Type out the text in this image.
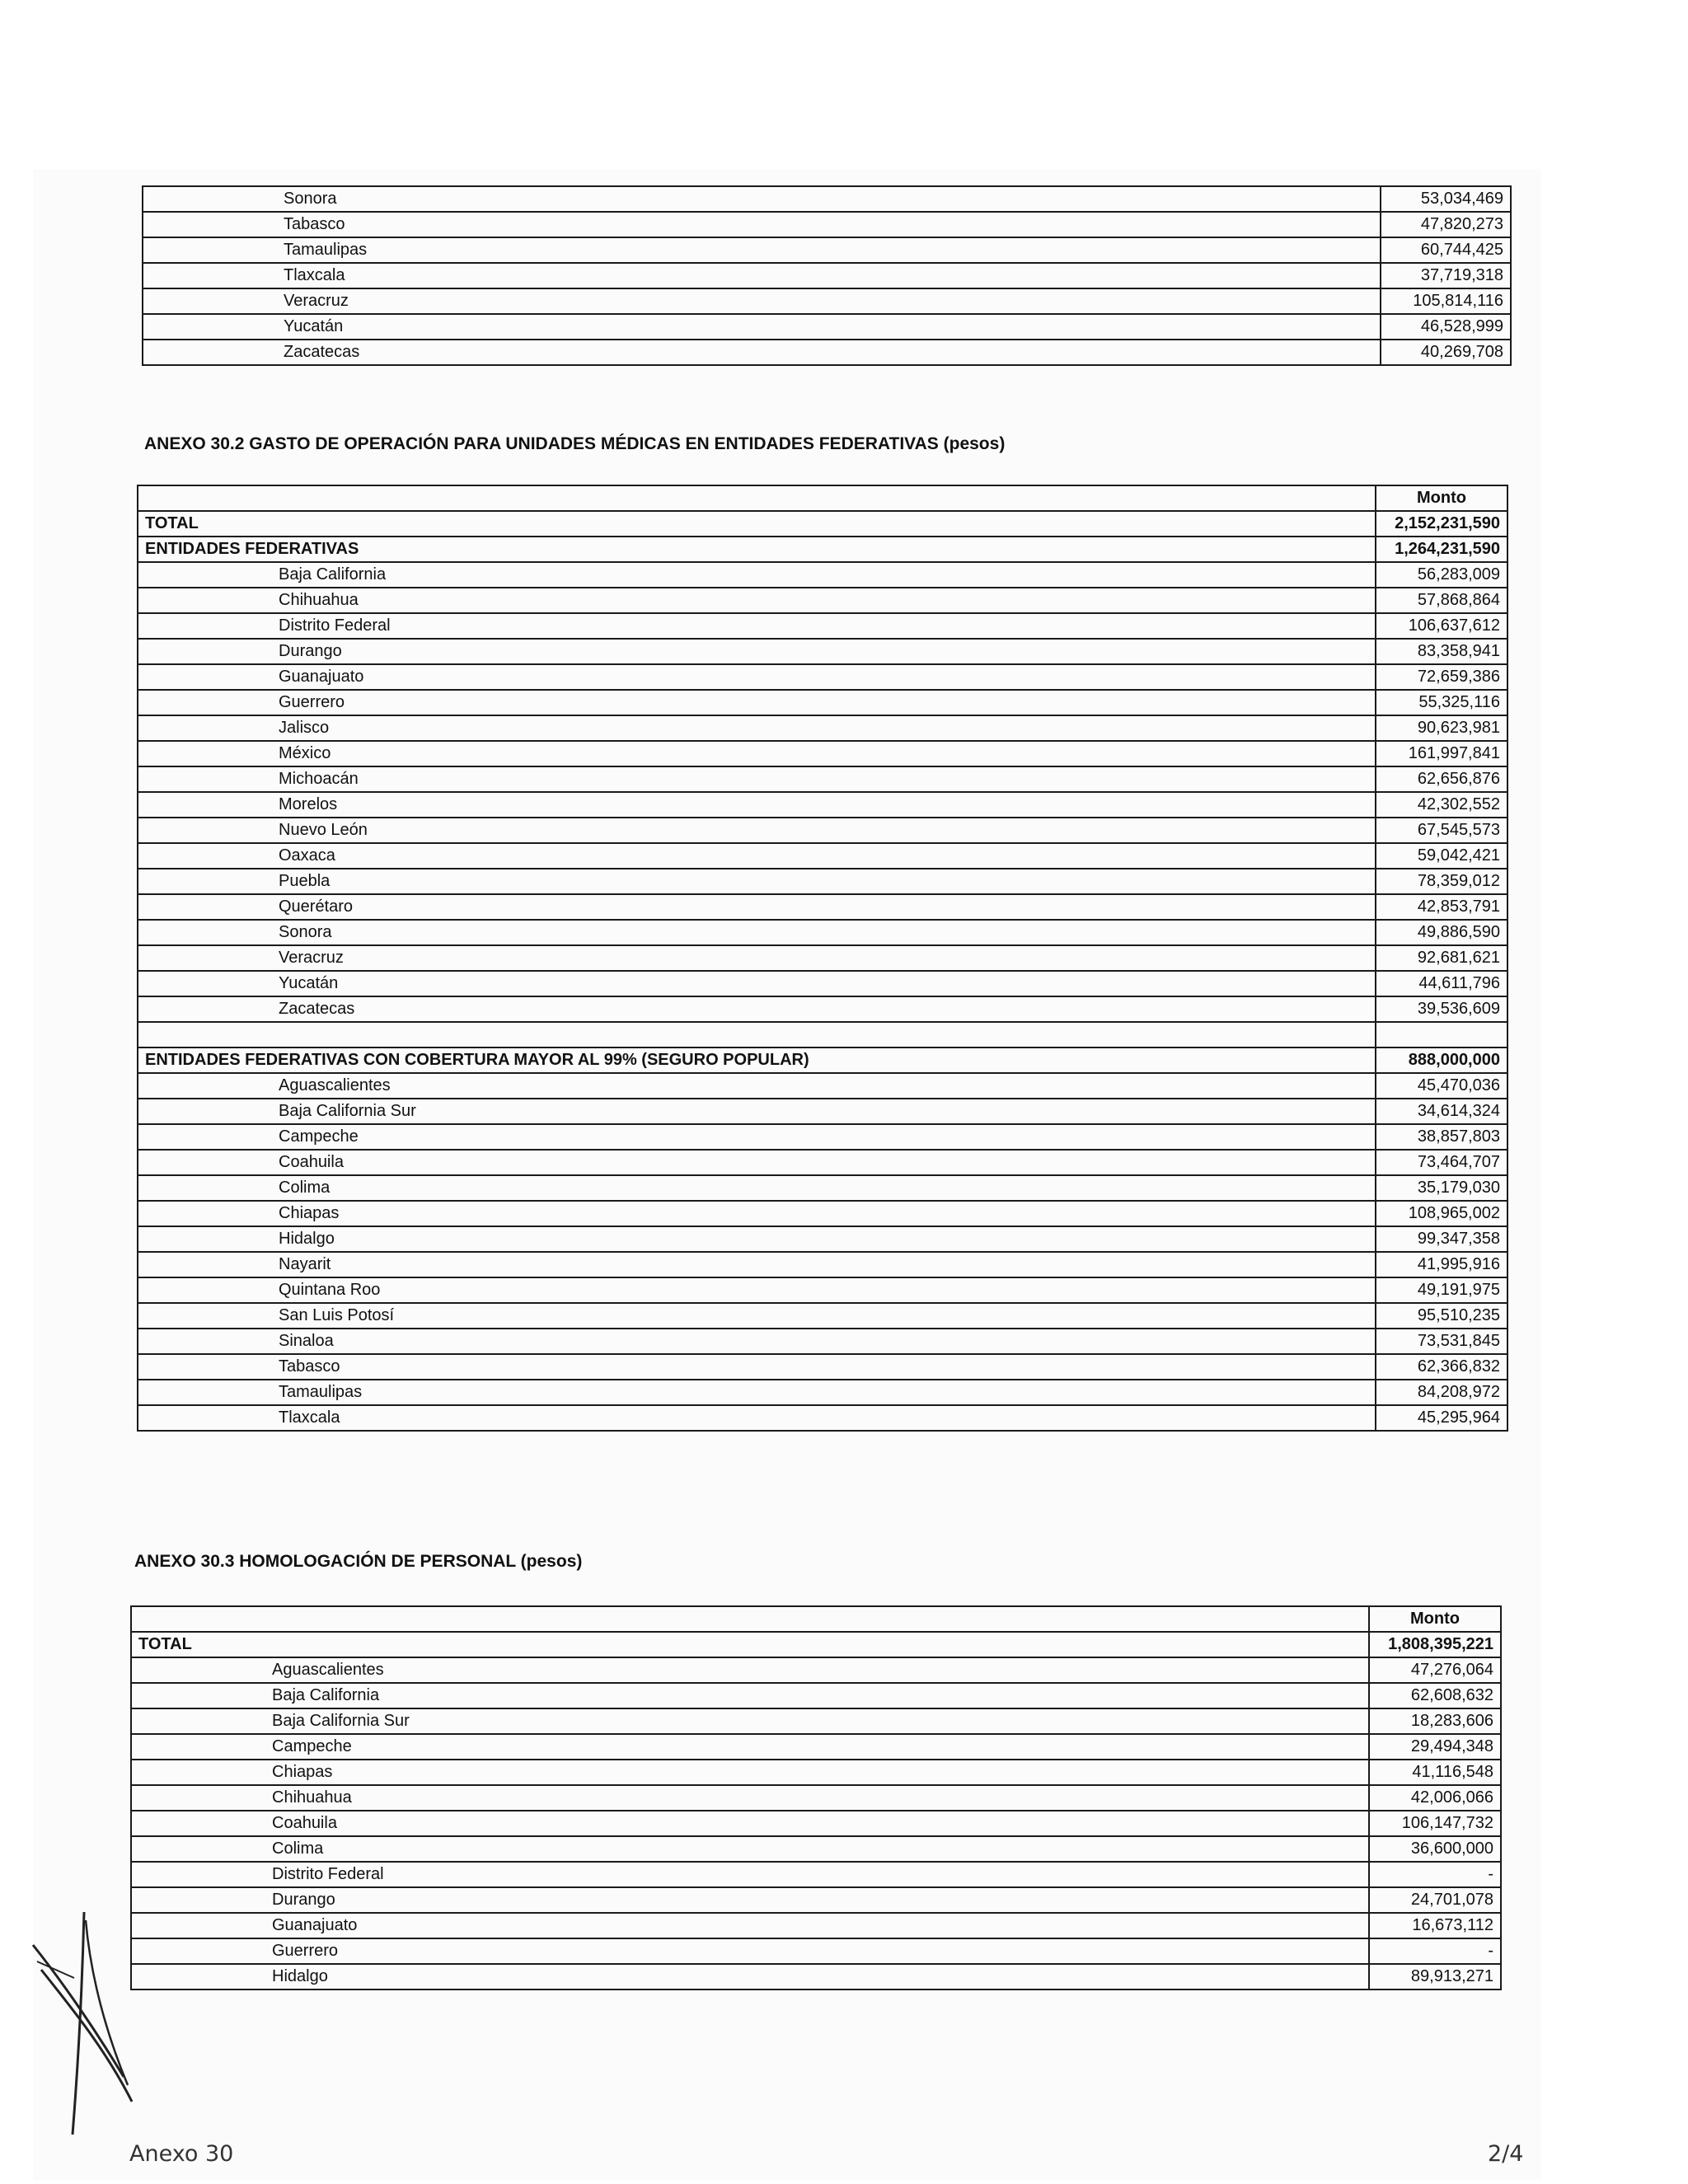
Sonora	53,034,469
Tabasco	47,820,273
Tamaulipas	60,744,425
Tlaxcala	37,719,318
Veracruz	105,814,116
Yucatán	46,528,999
Zacatecas	40,269,708
ANEXO 30.2 GASTO DE OPERACIÓN PARA UNIDADES MÉDICAS EN ENTIDADES FEDERATIVAS (pesos)
	Monto
TOTAL	2,152,231,590
ENTIDADES FEDERATIVAS	1,264,231,590
Baja California	56,283,009
Chihuahua	57,868,864
Distrito Federal	106,637,612
Durango	83,358,941
Guanajuato	72,659,386
Guerrero	55,325,116
Jalisco	90,623,981
México	161,997,841
Michoacán	62,656,876
Morelos	42,302,552
Nuevo León	67,545,573
Oaxaca	59,042,421
Puebla	78,359,012
Querétaro	42,853,791
Sonora	49,886,590
Veracruz	92,681,621
Yucatán	44,611,796
Zacatecas	39,536,609

ENTIDADES FEDERATIVAS CON COBERTURA MAYOR AL 99% (SEGURO POPULAR)	888,000,000
Aguascalientes	45,470,036
Baja California Sur	34,614,324
Campeche	38,857,803
Coahuila	73,464,707
Colima	35,179,030
Chiapas	108,965,002
Hidalgo	99,347,358
Nayarit	41,995,916
Quintana Roo	49,191,975
San Luis Potosí	95,510,235
Sinaloa	73,531,845
Tabasco	62,366,832
Tamaulipas	84,208,972
Tlaxcala	45,295,964
ANEXO 30.3 HOMOLOGACIÓN DE PERSONAL (pesos)
	Monto
TOTAL	1,808,395,221
Aguascalientes	47,276,064
Baja California	62,608,632
Baja California Sur	18,283,606
Campeche	29,494,348
Chiapas	41,116,548
Chihuahua	42,006,066
Coahuila	106,147,732
Colima	36,600,000
Distrito Federal	-
Durango	24,701,078
Guanajuato	16,673,112
Guerrero	-
Hidalgo	89,913,271
Anexo 30	2/4
